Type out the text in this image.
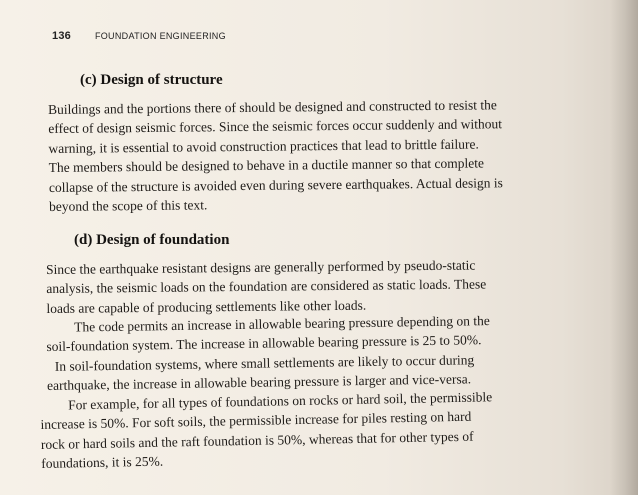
136	FOUNDATION ENGINEERING
(c) Design of structure

Buildings and the portions there of should be designed and constructed to resist the
effect of design seismic forces. Since the seismic forces occur suddenly and without
warning, it is essential to avoid construction practices that lead to brittle failure.
The members should be designed to behave in a ductile manner so that complete
collapse of the structure is avoided even during severe earthquakes. Actual design is
beyond the scope of this text.

(d) Design of foundation

Since the earthquake resistant designs are generally performed by pseudo-static
analysis, the seismic loads on the foundation are considered as static loads. These
loads are capable of producing settlements like other loads.

The code permits an increase in allowable bearing pressure depending on the
soil-foundation system. The increase in allowable bearing pressure is 25 to 50%.
In soil-foundation systems, where small settlements are likely to occur during
earthquake, the increase in allowable bearing pressure is larger and vice-versa.

For example, for all types of foundations on rocks or hard soil, the permissible
increase is 50%. For soft soils, the permissible increase for piles resting on hard
rock or hard soils and the raft foundation is 50%, whereas that for other types of
foundations, it is 25%.
